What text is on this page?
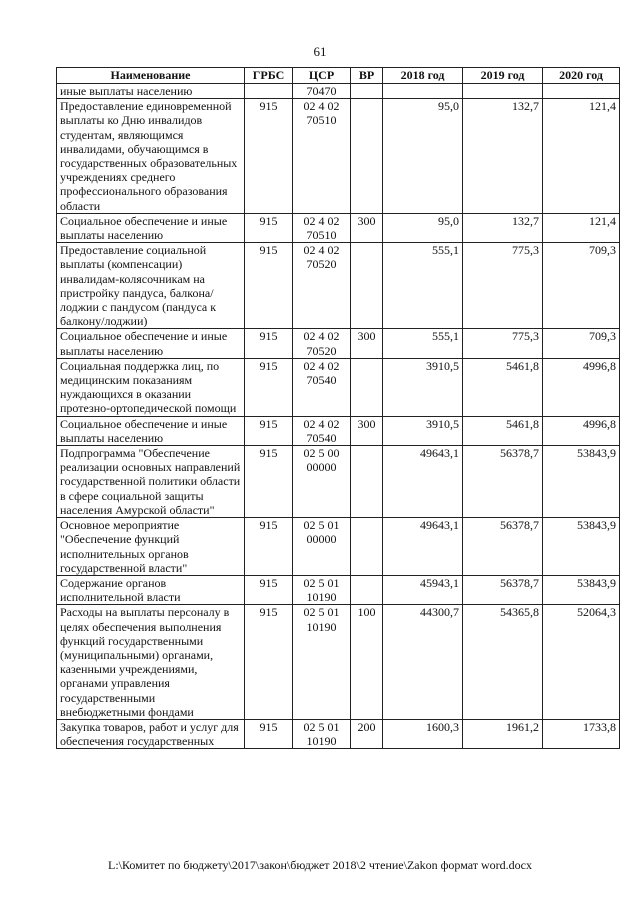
61
Наименование	ГРБС	ЦСР	ВР	2018 год	2019 год	2020 год
иные выплаты населению		70470				
Предоставление единовременной выплаты ко Дню инвалидов студентам, являющимся инвалидами, обучающимся в государственных образовательных учреждениях среднего профессионального образования области	915	02 4 02 70510		95,0	132,7	121,4
Социальное обеспечение и иные выплаты населению	915	02 4 02 70510	300	95,0	132,7	121,4
Предоставление социальной выплаты (компенсации) инвалидам-колясочникам на пристройку пандуса, балкона/лоджии с пандусом (пандуса к балкону/лоджии)	915	02 4 02 70520		555,1	775,3	709,3
Социальное обеспечение и иные выплаты населению	915	02 4 02 70520	300	555,1	775,3	709,3
Социальная поддержка лиц, по медицинским показаниям нуждающихся в оказании протезно-ортопедической помощи	915	02 4 02 70540		3910,5	5461,8	4996,8
Социальное обеспечение и иные выплаты населению	915	02 4 02 70540	300	3910,5	5461,8	4996,8
Подпрограмма "Обеспечение реализации основных направлений государственной политики области в сфере социальной защиты населения Амурской области"	915	02 5 00 00000		49643,1	56378,7	53843,9
Основное мероприятие "Обеспечение функций исполнительных органов государственной власти"	915	02 5 01 00000		49643,1	56378,7	53843,9
Содержание органов исполнительной власти	915	02 5 01 10190		45943,1	56378,7	53843,9
Расходы на выплаты персоналу в целях обеспечения выполнения функций государственными (муниципальными) органами, казенными учреждениями, органами управления государственными внебюджетными фондами	915	02 5 01 10190	100	44300,7	54365,8	52064,3
Закупка товаров, работ и услуг для обеспечения государственных	915	02 5 01 10190	200	1600,3	1961,2	1733,8
L:\Комитет по бюджету\2017\закон\бюджет 2018\2 чтение\Zakon формат word.docx
